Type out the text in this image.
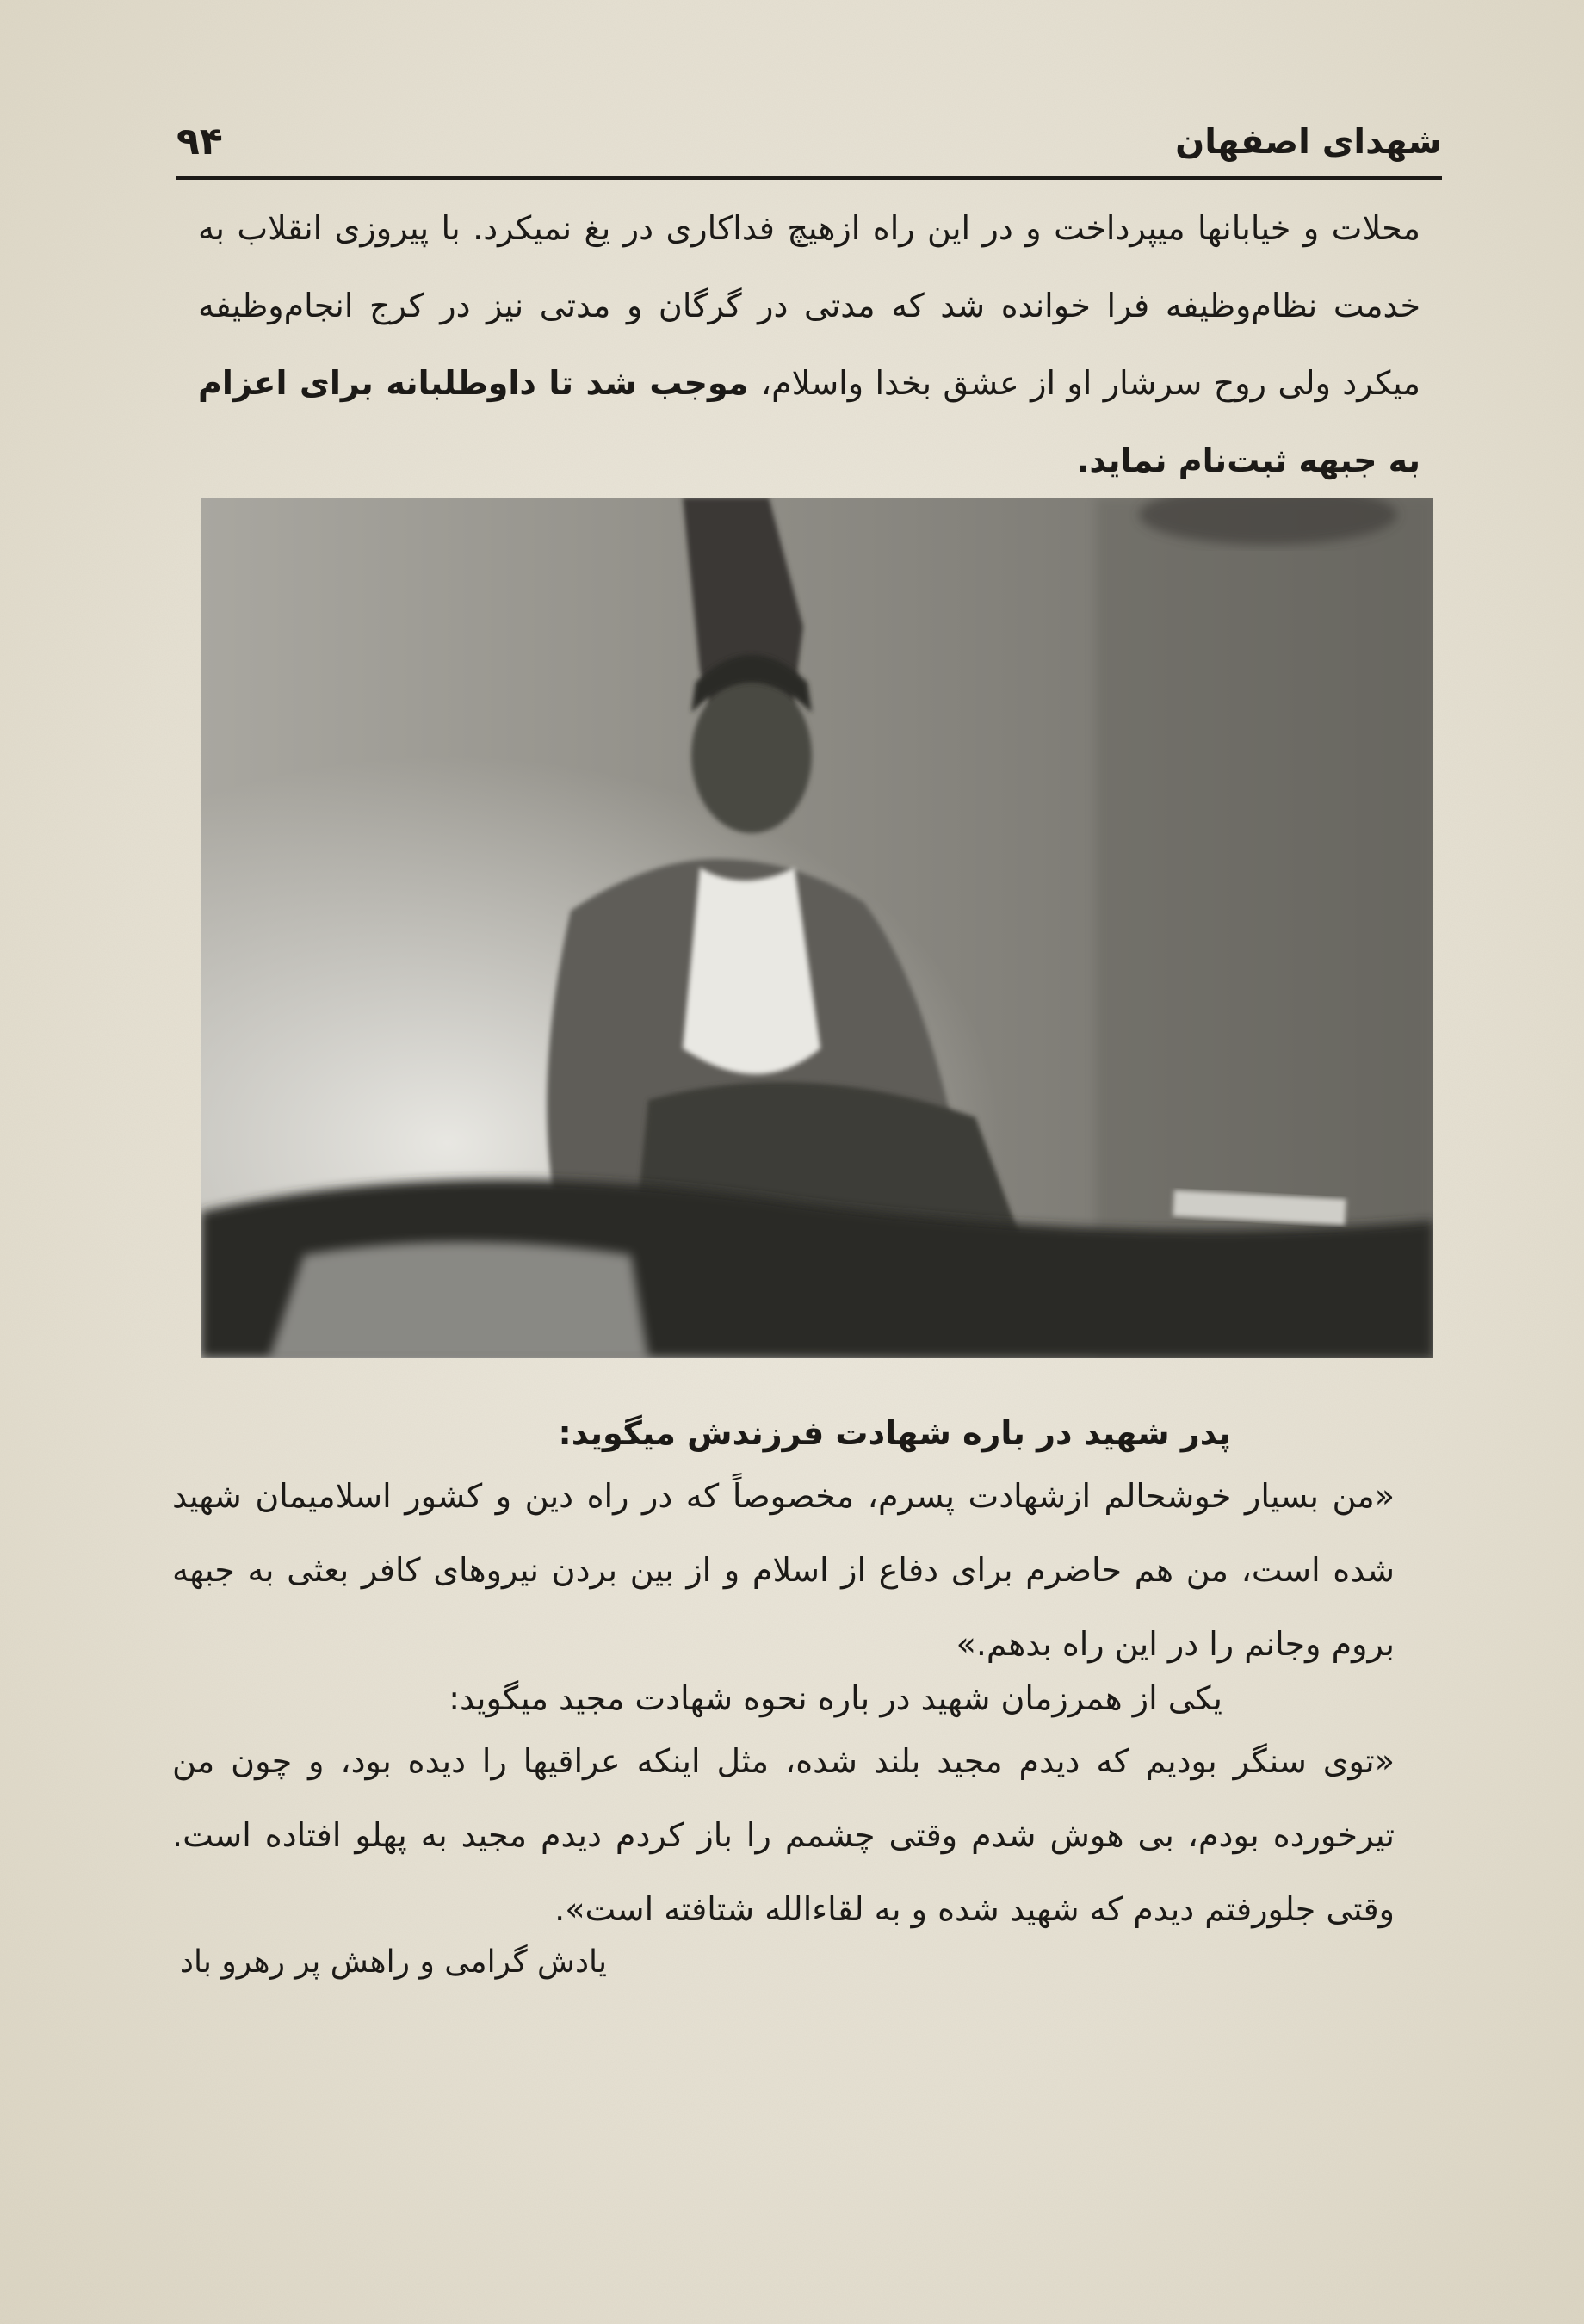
شهدای اصفهان
۹۴
محلات و خیابانها میپرداخت و در این راه ازهیچ فداکاری در یغ نمیکرد. با پیروزی انقلاب به خدمت نظام‌وظیفه فرا خوانده شد که مدتی در گرگان و مدتی نیز در کرج انجام‌وظیفه میکرد ولی روح سرشار او از عشق بخدا واسلام، موجب شد تا داوطلبانه برای اعزام به جبهه ثبت‌نام نماید.
پدر شهید در باره شهادت فرزندش میگوید:
«من بسیار خوشحالم ازشهادت پسرم، مخصوصاً که در راه دین و کشور اسلامیمان شهید شده است، من هم حاضرم برای دفاع از اسلام و از بین بردن نیروهای کافر بعثی به جبهه بروم وجانم را در این راه بدهم.»
یکی از همرزمان شهید در باره نحوه شهادت مجید میگوید:
«توی سنگر بودیم که دیدم مجید بلند شده، مثل اینکه عراقیها را دیده بود، و چون من تیرخورده بودم، بی هوش شدم وقتی چشمم را باز کردم دیدم مجید به پهلو افتاده است. وقتی جلورفتم دیدم که شهید شده و به لقاءالله شتافته است».
یادش گرامی و راهش پر رهرو باد
